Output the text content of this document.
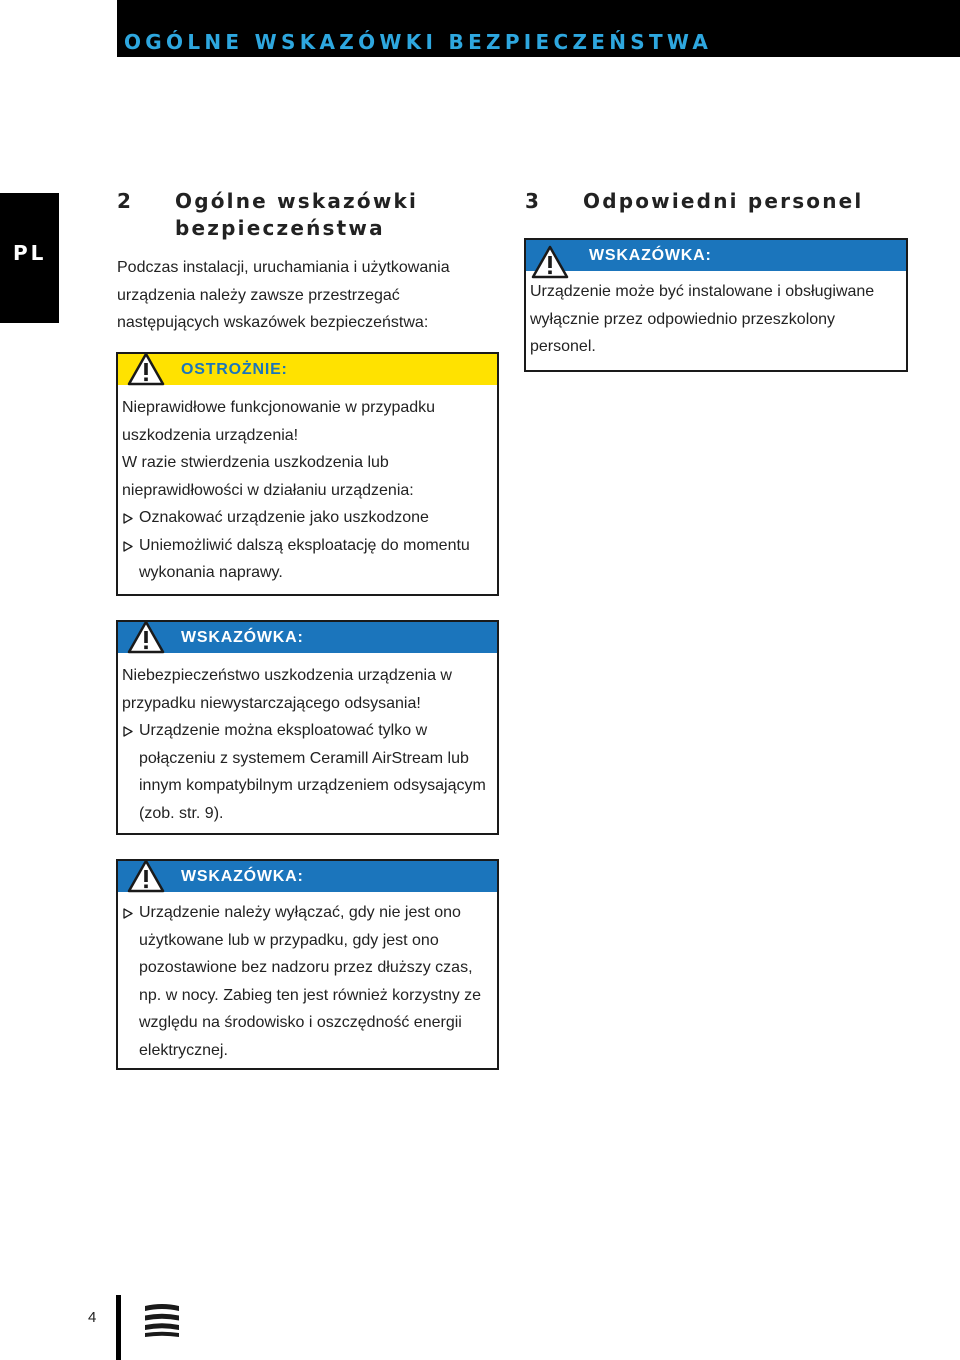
OGÓLNE WSKAZÓWKI BEZPIECZEŃSTWA
PL
2 Ogólne wskazówki
bezpieczeństwa
Podczas instalacji, uruchamiania i użytkowania urządzenia należy zawsze przestrzegać następujących wskazówek bezpieczeństwa:
OSTROŻNIE:

Nieprawidłowe funkcjonowanie w przypadku uszkodzenia urządzenia!

W razie stwierdzenia uszkodzenia lub nieprawidłowości w działaniu urządzenia:

Oznakować urządzenie jako uszkodzone
Uniemożliwić dalszą eksploatację do momentu wykonania naprawy.
WSKAZÓWKA:

Niebezpieczeństwo uszkodzenia urządzenia w przypadku niewystarczającego odsysania!

Urządzenie można eksploatować tylko w połączeniu z systemem Ceramill AirStream lub innym kompatybilnym urządzeniem odsysającym (zob. str. 9).
WSKAZÓWKA:
Urządzenie należy wyłączać, gdy nie jest ono użytkowane lub w przypadku, gdy jest ono pozostawione bez nadzoru przez dłuższy czas, np. w nocy. Zabieg ten jest również korzystny ze względu na środowisko i oszczędność energii elektrycznej.
3 Odpowiedni personel
WSKAZÓWKA:
Urządzenie może być instalowane i obsługiwane wyłącznie przez odpowiednio przeszkolony personel.
4
